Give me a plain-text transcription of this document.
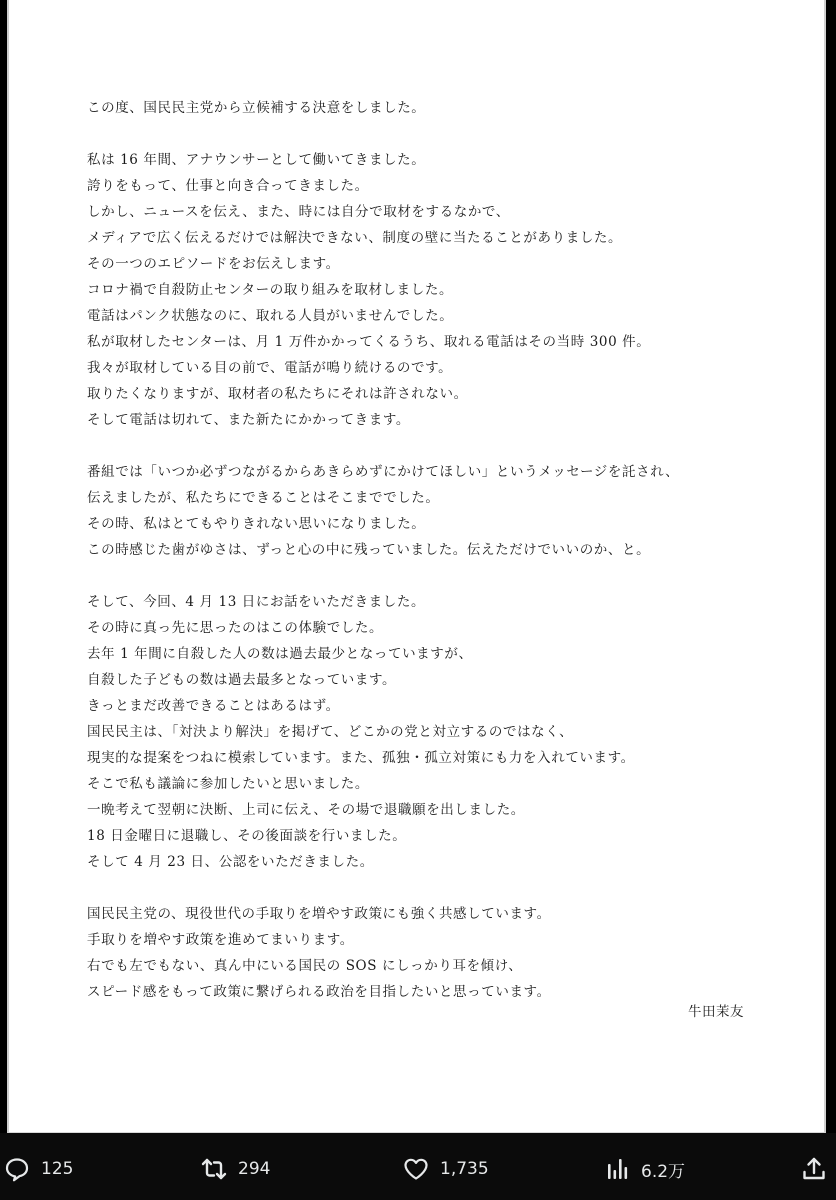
この度、国民民主党から立候補する決意をしました。
私は 16 年間、アナウンサーとして働いてきました。
誇りをもって、仕事と向き合ってきました。
しかし、ニュースを伝え、また、時には自分で取材をするなかで、
メディアで広く伝えるだけでは解決できない、制度の壁に当たることがありました。
その一つのエピソードをお伝えします。
コロナ禍で自殺防止センターの取り組みを取材しました。
電話はパンク状態なのに、取れる人員がいませんでした。
私が取材したセンターは、月 1 万件かかってくるうち、取れる電話はその当時 300 件。
我々が取材している目の前で、電話が鳴り続けるのです。
取りたくなりますが、取材者の私たちにそれは許されない。
そして電話は切れて、また新たにかかってきます。
番組では「いつか必ずつながるからあきらめずにかけてほしい」というメッセージを託され、
伝えましたが、私たちにできることはそこまででした。
その時、私はとてもやりきれない思いになりました。
この時感じた歯がゆさは、ずっと心の中に残っていました。伝えただけでいいのか、と。
そして、今回、4 月 13 日にお話をいただきました。
その時に真っ先に思ったのはこの体験でした。
去年 1 年間に自殺した人の数は過去最少となっていますが、
自殺した子どもの数は過去最多となっています。
きっとまだ改善できることはあるはず。
国民民主は、「対決より解決」を掲げて、どこかの党と対立するのではなく、
現実的な提案をつねに模索しています。また、孤独・孤立対策にも力を入れています。
そこで私も議論に参加したいと思いました。
一晩考えて翌朝に決断、上司に伝え、その場で退職願を出しました。
18 日金曜日に退職し、その後面談を行いました。
そして 4 月 23 日、公認をいただきました。
国民民主党の、現役世代の手取りを増やす政策にも強く共感しています。
手取りを増やす政策を進めてまいります。
右でも左でもない、真ん中にいる国民の SOS にしっかり耳を傾け、
スピード感をもって政策に繋げられる政治を目指したいと思っています。
牛田茉友
125	294	1,735	6.2万
